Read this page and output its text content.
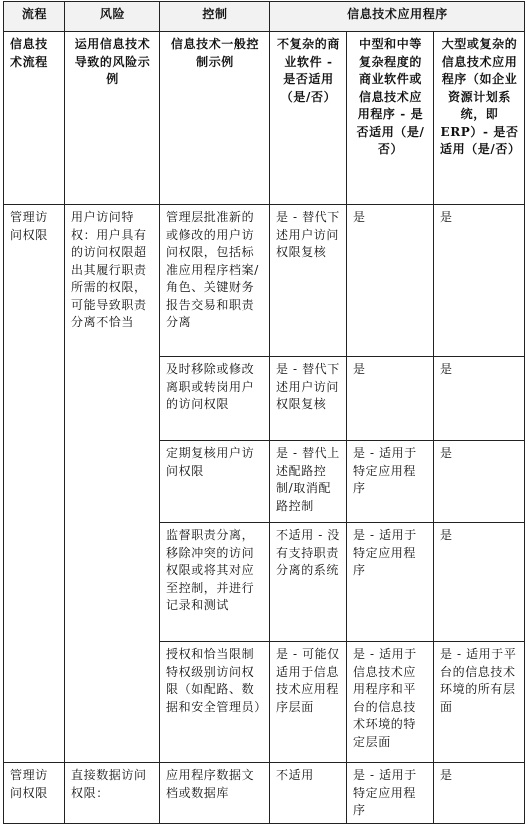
流程	风险	控制	信息技术应用程序		
信息技术流程	运用信息技术导致的风险示例	信息技术一般控制示例	不复杂的商业软件 - 是否适用（是/否）	中型和中等复杂程度的商业软件或信息技术应用程序 - 是否适用（是/否）	大型或复杂的信息技术应用程序（如企业资源计划系统，即 ERP）- 是否适用（是/否）
管理访问权限	用户访问特权：用户具有的访问权限超出其履行职责所需的权限，可能导致职责分离不恰当	管理层批准新的或修改的用户访问权限，包括标准应用程序档案/角色、关键财务报告交易和职责分离	是 - 替代下述用户访问权限复核	是	是
		及时移除或修改离职或转岗用户的访问权限	是 - 替代下述用户访问权限复核	是	是
		定期复核用户访问权限	是 - 替代上述配路控制/取消配路控制	是 - 适用于特定应用程序	是
		监督职责分离，移除冲突的访问权限或将其对应至控制，并进行记录和测试	不适用 - 没有支持职责分离的系统	是 - 适用于特定应用程序	是
		授权和恰当限制特权级别访问权限（如配路、数据和安全管理员）	是 - 可能仅适用于信息技术应用程序层面	是 - 适用于信息技术应用程序和平台的信息技术环境的特定层面	是 - 适用于平台的信息技术环境的所有层面
管理访问权限	直接数据访问权限：	应用程序数据文档或数据库	不适用	是 - 适用于特定应用程序	是
